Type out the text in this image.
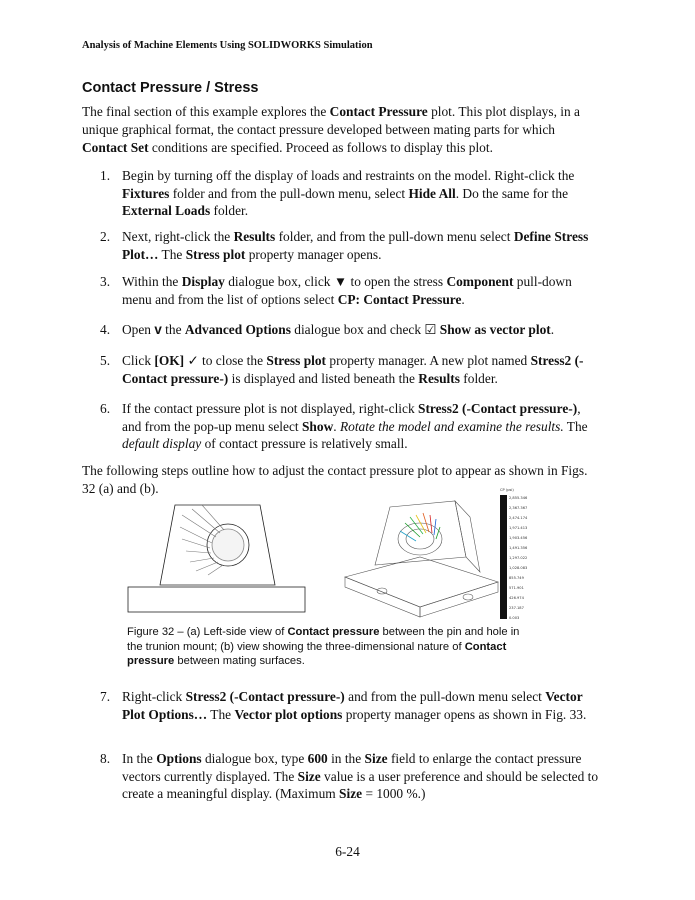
Analysis of Machine Elements Using SOLIDWORKS Simulation
Contact Pressure / Stress

The final section of this example explores the Contact Pressure plot. This plot displays, in a unique graphical format, the contact pressure developed between mating parts for which Contact Set conditions are specified. Proceed as follows to display this plot.

1. Begin by turning off the display of loads and restraints on the model. Right-click the Fixtures folder and from the pull-down menu, select Hide All. Do the same for the External Loads folder.
2. Next, right-click the Results folder, and from the pull-down menu select Define Stress Plot… The Stress plot property manager opens.
3. Within the Display dialogue box, click ▼ to open the stress Component pull-down menu and from the list of options select CP: Contact Pressure.
4. Open v the Advanced Options dialogue box and check ☑ Show as vector plot.
5. Click [OK] ✓ to close the Stress plot property manager. A new plot named Stress2 (-Contact pressure-) is displayed and listed beneath the Results folder.
6. If the contact pressure plot is not displayed, right-click Stress2 (-Contact pressure-), and from the pop-up menu select Show. Rotate the model and examine the results. The default display of contact pressure is relatively small.

The following steps outline how to adjust the contact pressure plot to appear as shown in Figs. 32 (a) and (b).	CP (psi)
2,855.346
2,367.367
2,474.174
1,971.413
1,903.456
1,491.356
1,297.022
1,028.083
855.749
571.901
426.974
237.187
0.003
Figure 32 – (a) Left-side view of Contact pressure between the pin and hole in the trunion mount; (b) view showing the three-dimensional nature of Contact pressure between mating surfaces.
7. Right-click Stress2 (-Contact pressure-) and from the pull-down menu select Vector Plot Options… The Vector plot options property manager opens as shown in Fig. 33.
8. In the Options dialogue box, type 600 in the Size field to enlarge the contact pressure vectors currently displayed. The Size value is a user preference and should be selected to create a meaningful display. (Maximum Size = 1000 %.)
6-24
